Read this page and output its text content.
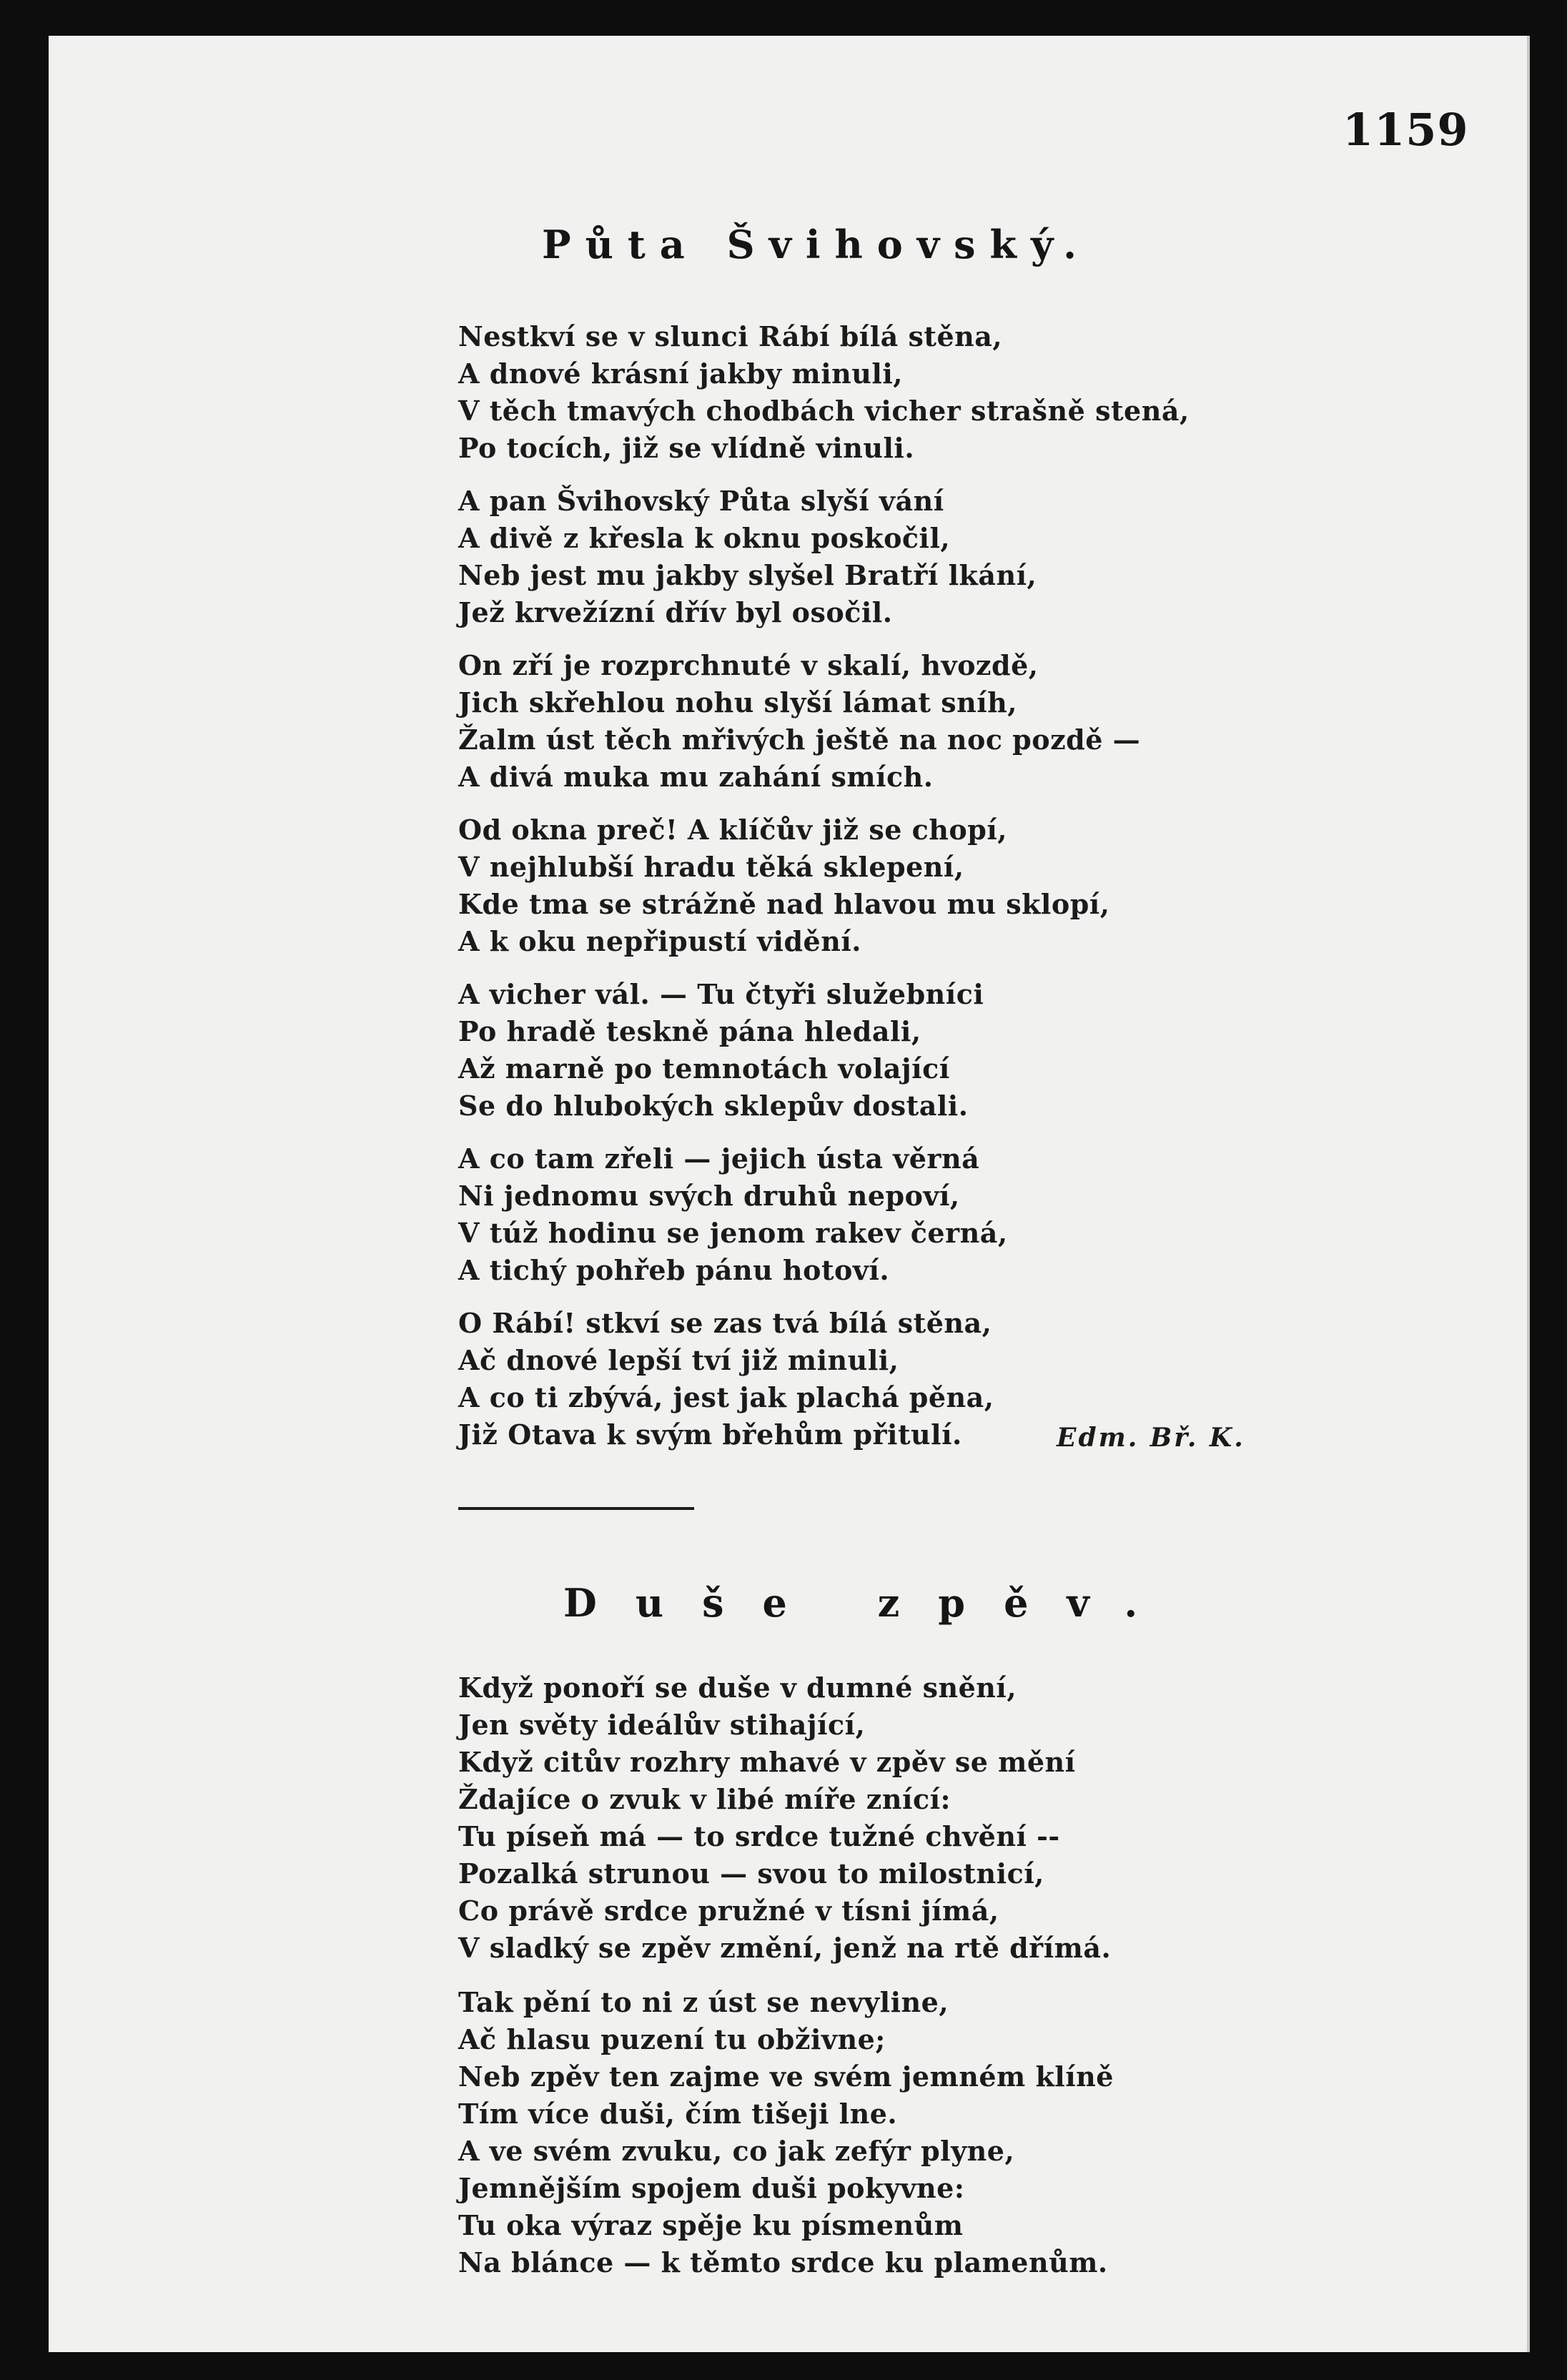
1159
Půta Švihovský.
Nestkví se v slunci Rábí bílá stěna,
A dnové krásní jakby minuli,
V těch tmavých chodbách vicher strašně stená,
Po tocích, již se vlídně vinuli.
A pan Švihovský Půta slyší vání
A divě z křesla k oknu poskočil,
Neb jest mu jakby slyšel Bratří lkání,
Jež krvežízní dřív byl osočil.
On zří je rozprchnuté v skalí, hvozdě,
Jich skřehlou nohu slyší lámat sníh,
Žalm úst těch mřivých ještě na noc pozdě —
A divá muka mu zahání smích.
Od okna preč! A klíčův již se chopí,
V nejhlubší hradu těká sklepení,
Kde tma se strážně nad hlavou mu sklopí,
A k oku nepřipustí vidění.
A vicher vál. — Tu čtyři služebníci
Po hradě teskně pána hledali,
Až marně po temnotách volající
Se do hlubokých sklepův dostali.
A co tam zřeli — jejich ústa věrná
Ni jednomu svých druhů nepoví,
V túž hodinu se jenom rakev černá,
A tichý pohřeb pánu hotoví.
O Rábí! stkví se zas tvá bílá stěna,
Ač dnové lepší tví již minuli,
A co ti zbývá, jest jak plachá pěna,
Již Otava k svým břehům přitulí.	Edm. Bř. K.
Duše zpěv.
Když ponoří se duše v dumné snění,
Jen světy ideálův stihající,
Když citův rozhry mhavé v zpěv se mění
Ždajíce o zvuk v libé míře znící:
Tu píseň má — to srdce tužné chvění --
Pozalká strunou — svou to milostnicí,
Co právě srdce pružné v tísni jímá,
V sladký se zpěv změní, jenž na rtě dřímá.
Tak pění to ni z úst se nevyline,
Ač hlasu puzení tu obživne;
Neb zpěv ten zajme ve svém jemném klíně
Tím více duši, čím tišeji lne.
A ve svém zvuku, co jak zefýr plyne,
Jemnějším spojem duši pokyvne:
Tu oka výraz spěje ku písmenům
Na blánce — k těmto srdce ku plamenům.
